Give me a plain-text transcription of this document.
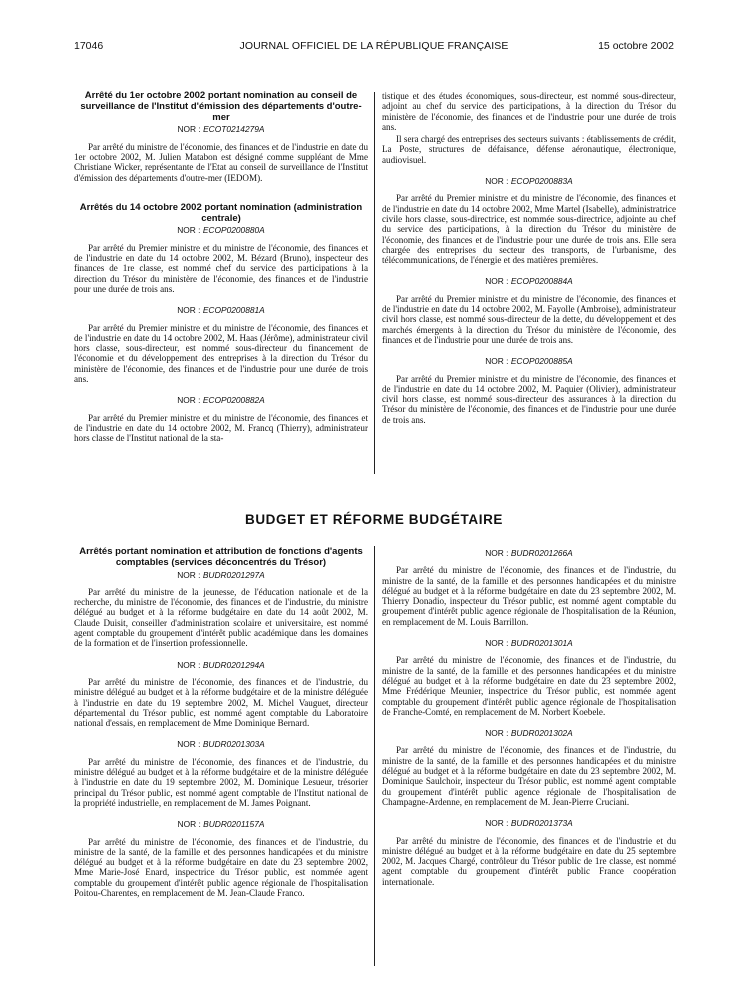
17046	JOURNAL OFFICIEL DE LA RÉPUBLIQUE FRANÇAISE	15 octobre 2002
Arrêté du 1er octobre 2002 portant nomination au conseil de surveillance de l'Institut d'émission des départements d'outre-mer
NOR : ECOT0214279A

Par arrêté du ministre de l'économie, des finances et de l'industrie en date du 1er octobre 2002, M. Julien Matabon est désigné comme suppléant de Mme Christiane Wicker, représentante de l'Etat au conseil de surveillance de l'Institut d'émission des départements d'outre-mer (IEDOM).

Arrêtés du 14 octobre 2002 portant nomination (administration centrale)
NOR : ECOP0200880A

Par arrêté du Premier ministre et du ministre de l'économie, des finances et de l'industrie en date du 14 octobre 2002, M. Bézard (Bruno), inspecteur des finances de 1re classe, est nommé chef du service des participations à la direction du Trésor du ministère de l'économie, des finances et de l'industrie pour une durée de trois ans.

NOR : ECOP0200881A

Par arrêté du Premier ministre et du ministre de l'économie, des finances et de l'industrie en date du 14 octobre 2002, M. Haas (Jérôme), administrateur civil hors classe, sous-directeur, est nommé sous-directeur du financement de l'économie et du développement des entreprises à la direction du Trésor du ministère de l'économie, des finances et de l'industrie pour une durée de trois ans.

NOR : ECOP0200882A

Par arrêté du Premier ministre et du ministre de l'économie, des finances et de l'industrie en date du 14 octobre 2002, M. Francq (Thierry), administrateur hors classe de l'Institut national de la sta-

tistique et des études économiques, sous-directeur, est nommé sous-directeur, adjoint au chef du service des participations, à la direction du Trésor du ministère de l'économie, des finances et de l'industrie pour une durée de trois ans.

Il sera chargé des entreprises des secteurs suivants : établissements de crédit, La Poste, structures de défaisance, défense aéronautique, électronique, audiovisuel.

NOR : ECOP0200883A

Par arrêté du Premier ministre et du ministre de l'économie, des finances et de l'industrie en date du 14 octobre 2002, Mme Martel (Isabelle), administratrice civile hors classe, sous-directrice, est nommée sous-directrice, adjointe au chef du service des participations, à la direction du Trésor du ministère de l'économie, des finances et de l'industrie pour une durée de trois ans. Elle sera chargée des entreprises du secteur des transports, de l'urbanisme, des télécommunications, de l'énergie et des matières premières.

NOR : ECOP0200884A

Par arrêté du Premier ministre et du ministre de l'économie, des finances et de l'industrie en date du 14 octobre 2002, M. Fayolle (Ambroise), administrateur civil hors classe, est nommé sous-directeur de la dette, du développement et des marchés émergents à la direction du Trésor du ministère de l'économie, des finances et de l'industrie pour une durée de trois ans.

NOR : ECOP0200885A

Par arrêté du Premier ministre et du ministre de l'économie, des finances et de l'industrie en date du 14 octobre 2002, M. Paquier (Olivier), administrateur civil hors classe, est nommé sous-directeur des assurances à la direction du Trésor du ministère de l'économie, des finances et de l'industrie pour une durée de trois ans.

BUDGET ET RÉFORME BUDGÉTAIRE
Arrêtés portant nomination et attribution de fonctions d'agents comptables (services déconcentrés du Trésor)
NOR : BUDR0201297A

Par arrêté du ministre de la jeunesse, de l'éducation nationale et de la recherche, du ministre de l'économie, des finances et de l'industrie, du ministre délégué au budget et à la réforme budgétaire en date du 14 août 2002, M. Claude Duisit, conseiller d'administration scolaire et universitaire, est nommé agent comptable du groupement d'intérêt public académique dans les domaines de la formation et de l'insertion professionnelle.

NOR : BUDR0201294A

Par arrêté du ministre de l'économie, des finances et de l'industrie, du ministre délégué au budget et à la réforme budgétaire et de la ministre déléguée à l'industrie en date du 19 septembre 2002, M. Michel Vauguet, directeur départemental du Trésor public, est nommé agent comptable du Laboratoire national d'essais, en remplacement de Mme Dominique Bernard.

NOR : BUDR0201303A

Par arrêté du ministre de l'économie, des finances et de l'industrie, du ministre délégué au budget et à la réforme budgétaire et de la ministre déléguée à l'industrie en date du 19 septembre 2002, M. Dominique Lesueur, trésorier principal du Trésor public, est nommé agent comptable de l'Institut national de la propriété industrielle, en remplacement de M. James Poignant.

NOR : BUDR0201157A

Par arrêté du ministre de l'économie, des finances et de l'industrie, du ministre de la santé, de la famille et des personnes handicapées et du ministre délégué au budget et à la réforme budgétaire en date du 23 septembre 2002, Mme Marie-José Enard, inspectrice du Trésor public, est nommée agent comptable du groupement d'intérêt public agence régionale de l'hospitalisation Poitou-Charentes, en remplacement de M. Jean-Claude Franco.

NOR : BUDR0201266A

Par arrêté du ministre de l'économie, des finances et de l'industrie, du ministre de la santé, de la famille et des personnes handicapées et du ministre délégué au budget et à la réforme budgétaire en date du 23 septembre 2002, M. Thierry Donadio, inspecteur du Trésor public, est nommé agent comptable du groupement d'intérêt public agence régionale de l'hospitalisation de la Réunion, en remplacement de M. Louis Barrillon.

NOR : BUDR0201301A

Par arrêté du ministre de l'économie, des finances et de l'industrie, du ministre de la santé, de la famille et des personnes handicapées et du ministre délégué au budget et à la réforme budgétaire en date du 23 septembre 2002, Mme Frédérique Meunier, inspectrice du Trésor public, est nommée agent comptable du groupement d'intérêt public agence régionale de l'hospitalisation de Franche-Comté, en remplacement de M. Norbert Koebele.

NOR : BUDR0201302A

Par arrêté du ministre de l'économie, des finances et de l'industrie, du ministre de la santé, de la famille et des personnes handicapées et du ministre délégué au budget et à la réforme budgétaire en date du 23 septembre 2002, M. Dominique Saulchoir, inspecteur du Trésor public, est nommé agent comptable du groupement d'intérêt public agence régionale de l'hospitalisation de Champagne-Ardenne, en remplacement de M. Jean-Pierre Cruciani.

NOR : BUDR0201373A

Par arrêté du ministre de l'économie, des finances et de l'industrie et du ministre délégué au budget et à la réforme budgétaire en date du 25 septembre 2002, M. Jacques Chargé, contrôleur du Trésor public de 1re classe, est nommé agent comptable du groupement d'intérêt public France coopération internationale.
